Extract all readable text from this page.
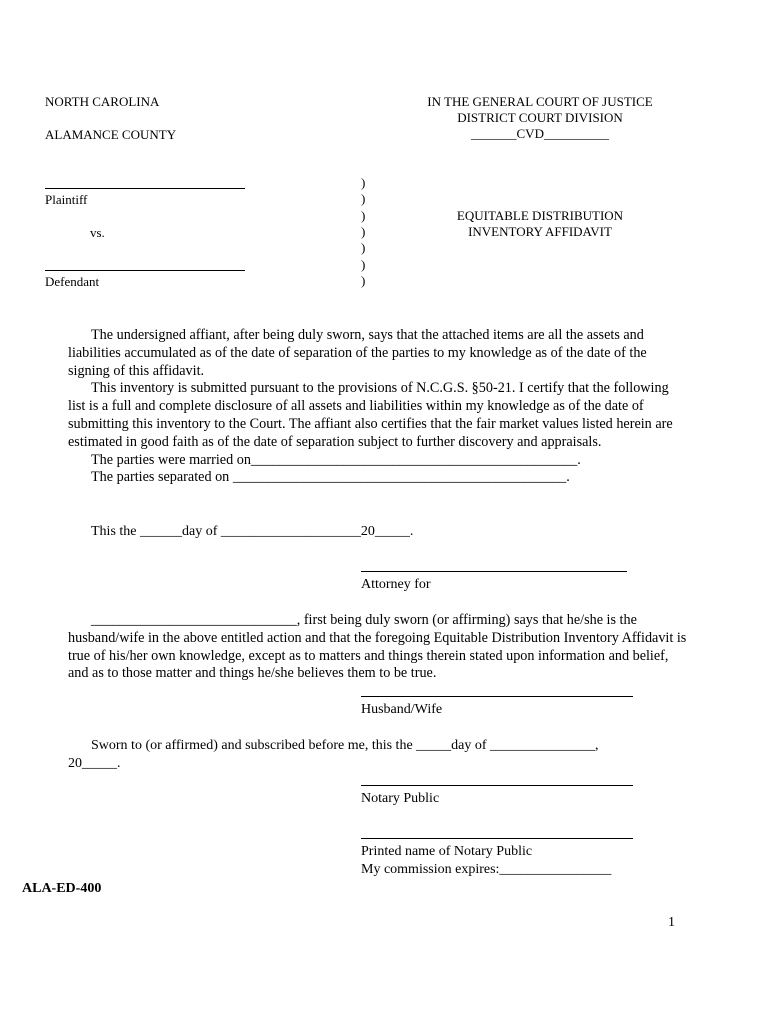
NORTH CAROLINA
ALAMANCE COUNTY
IN THE GENERAL COURT OF JUSTICE
DISTRICT COURT DIVISION
_______CVD__________
Plaintiff
vs.
Defendant
)
)
)
)
)
)
)
EQUITABLE DISTRIBUTION
INVENTORY AFFIDAVIT

The undersigned affiant, after being duly sworn, says that the attached items are all the assets and liabilities accumulated as of the date of separation of the parties to my knowledge as of the date of the signing of this affidavit.

This inventory is submitted pursuant to the provisions of N.C.G.S. §50-21. I certify that the following list is a full and complete disclosure of all assets and liabilities within my knowledge as of the date of submitting this inventory to the Court. The affiant also certifies that the fair market values listed herein are estimated in good faith as of the date of separation subject to further discovery and appraisals.

The parties were married on______________________________________________.

The parties separated on _______________________________________________.

This the ______day of ____________________20_____.
Attorney for

_____________________________, first being duly sworn (or affirming) says that he/she is the husband/wife in the above entitled action and that the foregoing Equitable Distribution Inventory Affidavit is true of his/her own knowledge, except as to matters and things therein stated upon information and belief, and as to those matter and things he/she believes them to be true.

Husband/Wife
Sworn to (or affirmed) and subscribed before me, this the _____day of _______________,
20_____.
Notary Public
Printed name of Notary Public
My commission expires:________________
ALA-ED-400
1
